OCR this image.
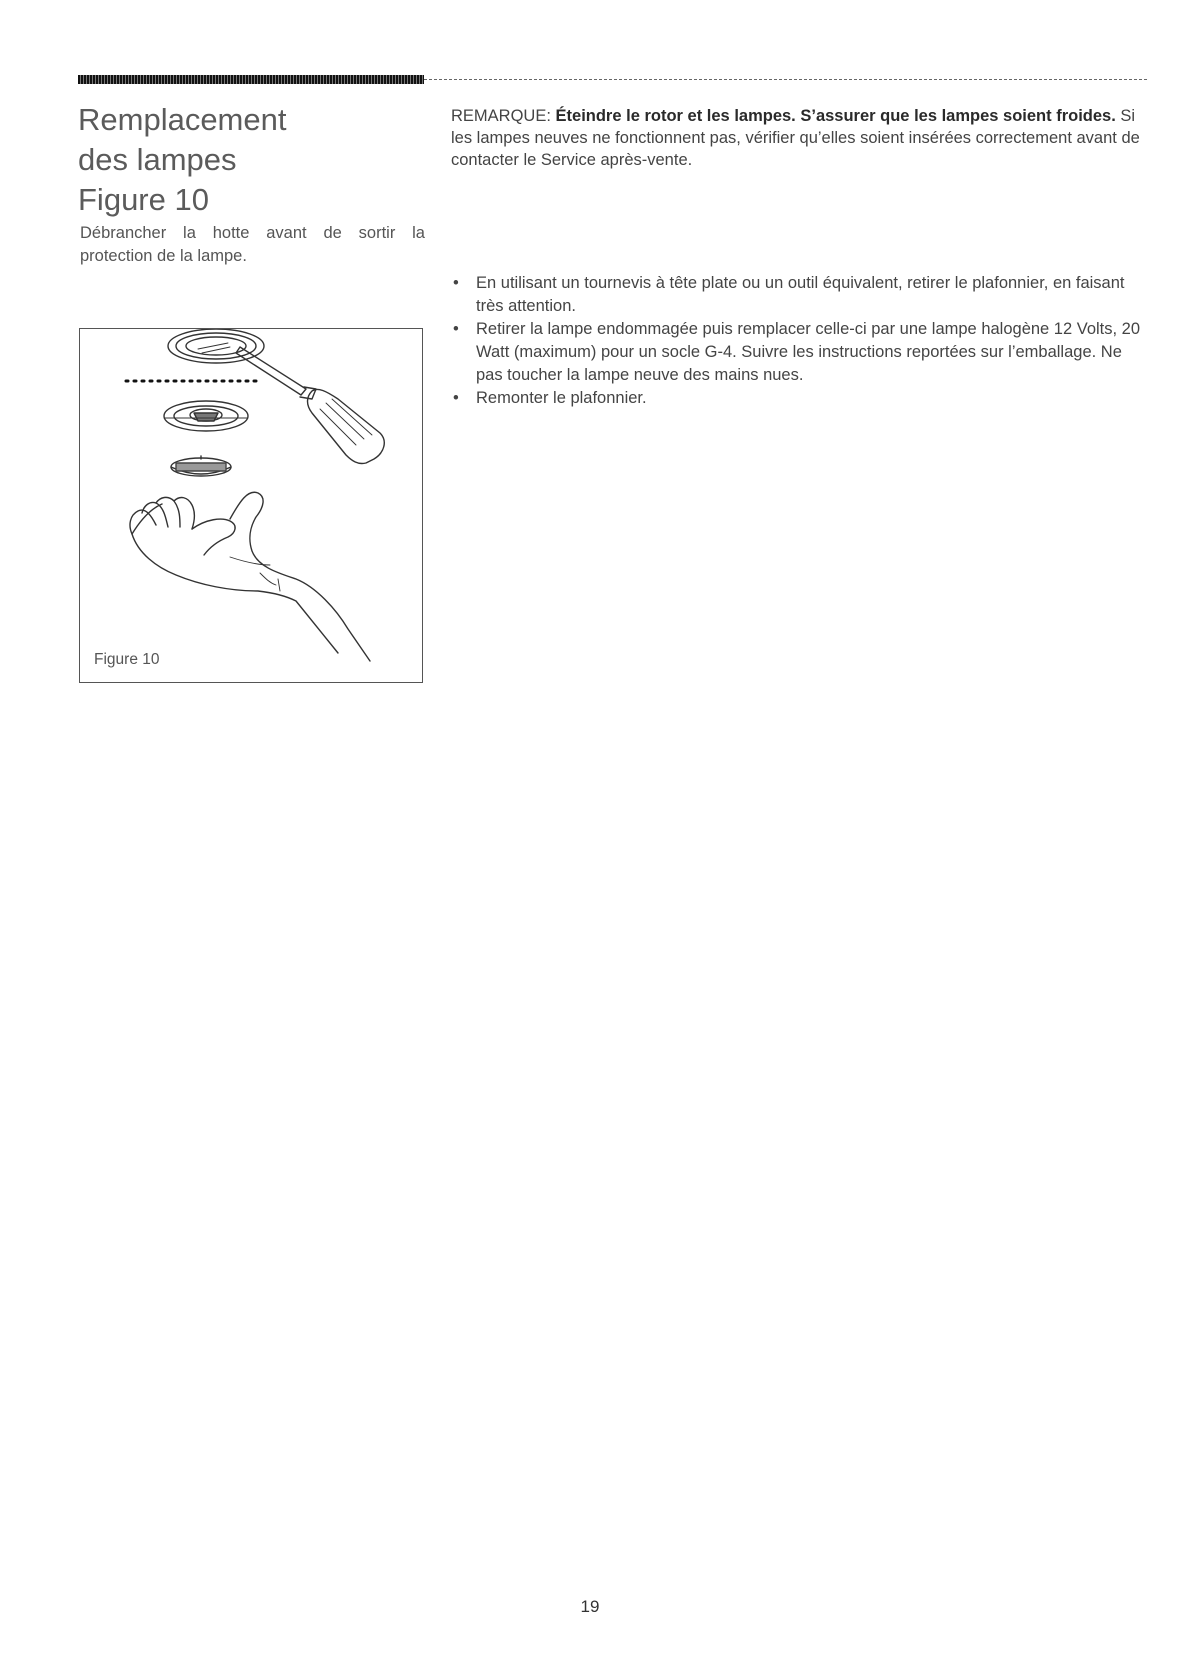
Remplacement
des lampes
Figure 10
Débrancher la hotte avant de sortir la protection de la lampe.
REMARQUE: Éteindre le rotor et les lampes. S’assurer que les lampes soient froides. Si les lampes neuves ne fonctionnent pas, vérifier qu’elles soient insérées correctement avant de contacter le Service après-vente.
• En utilisant un tournevis à tête plate ou un outil équivalent, retirer le plafonnier, en faisant très attention.
• Retirer la lampe endommagée puis remplacer celle-ci par une lampe halogène 12 Volts, 20 Watt (maximum) pour un socle G-4. Suivre les instructions reportées sur l’emballage. Ne pas toucher la lampe neuve des mains nues.
• Remonter le plafonnier.
Figure 10
19
